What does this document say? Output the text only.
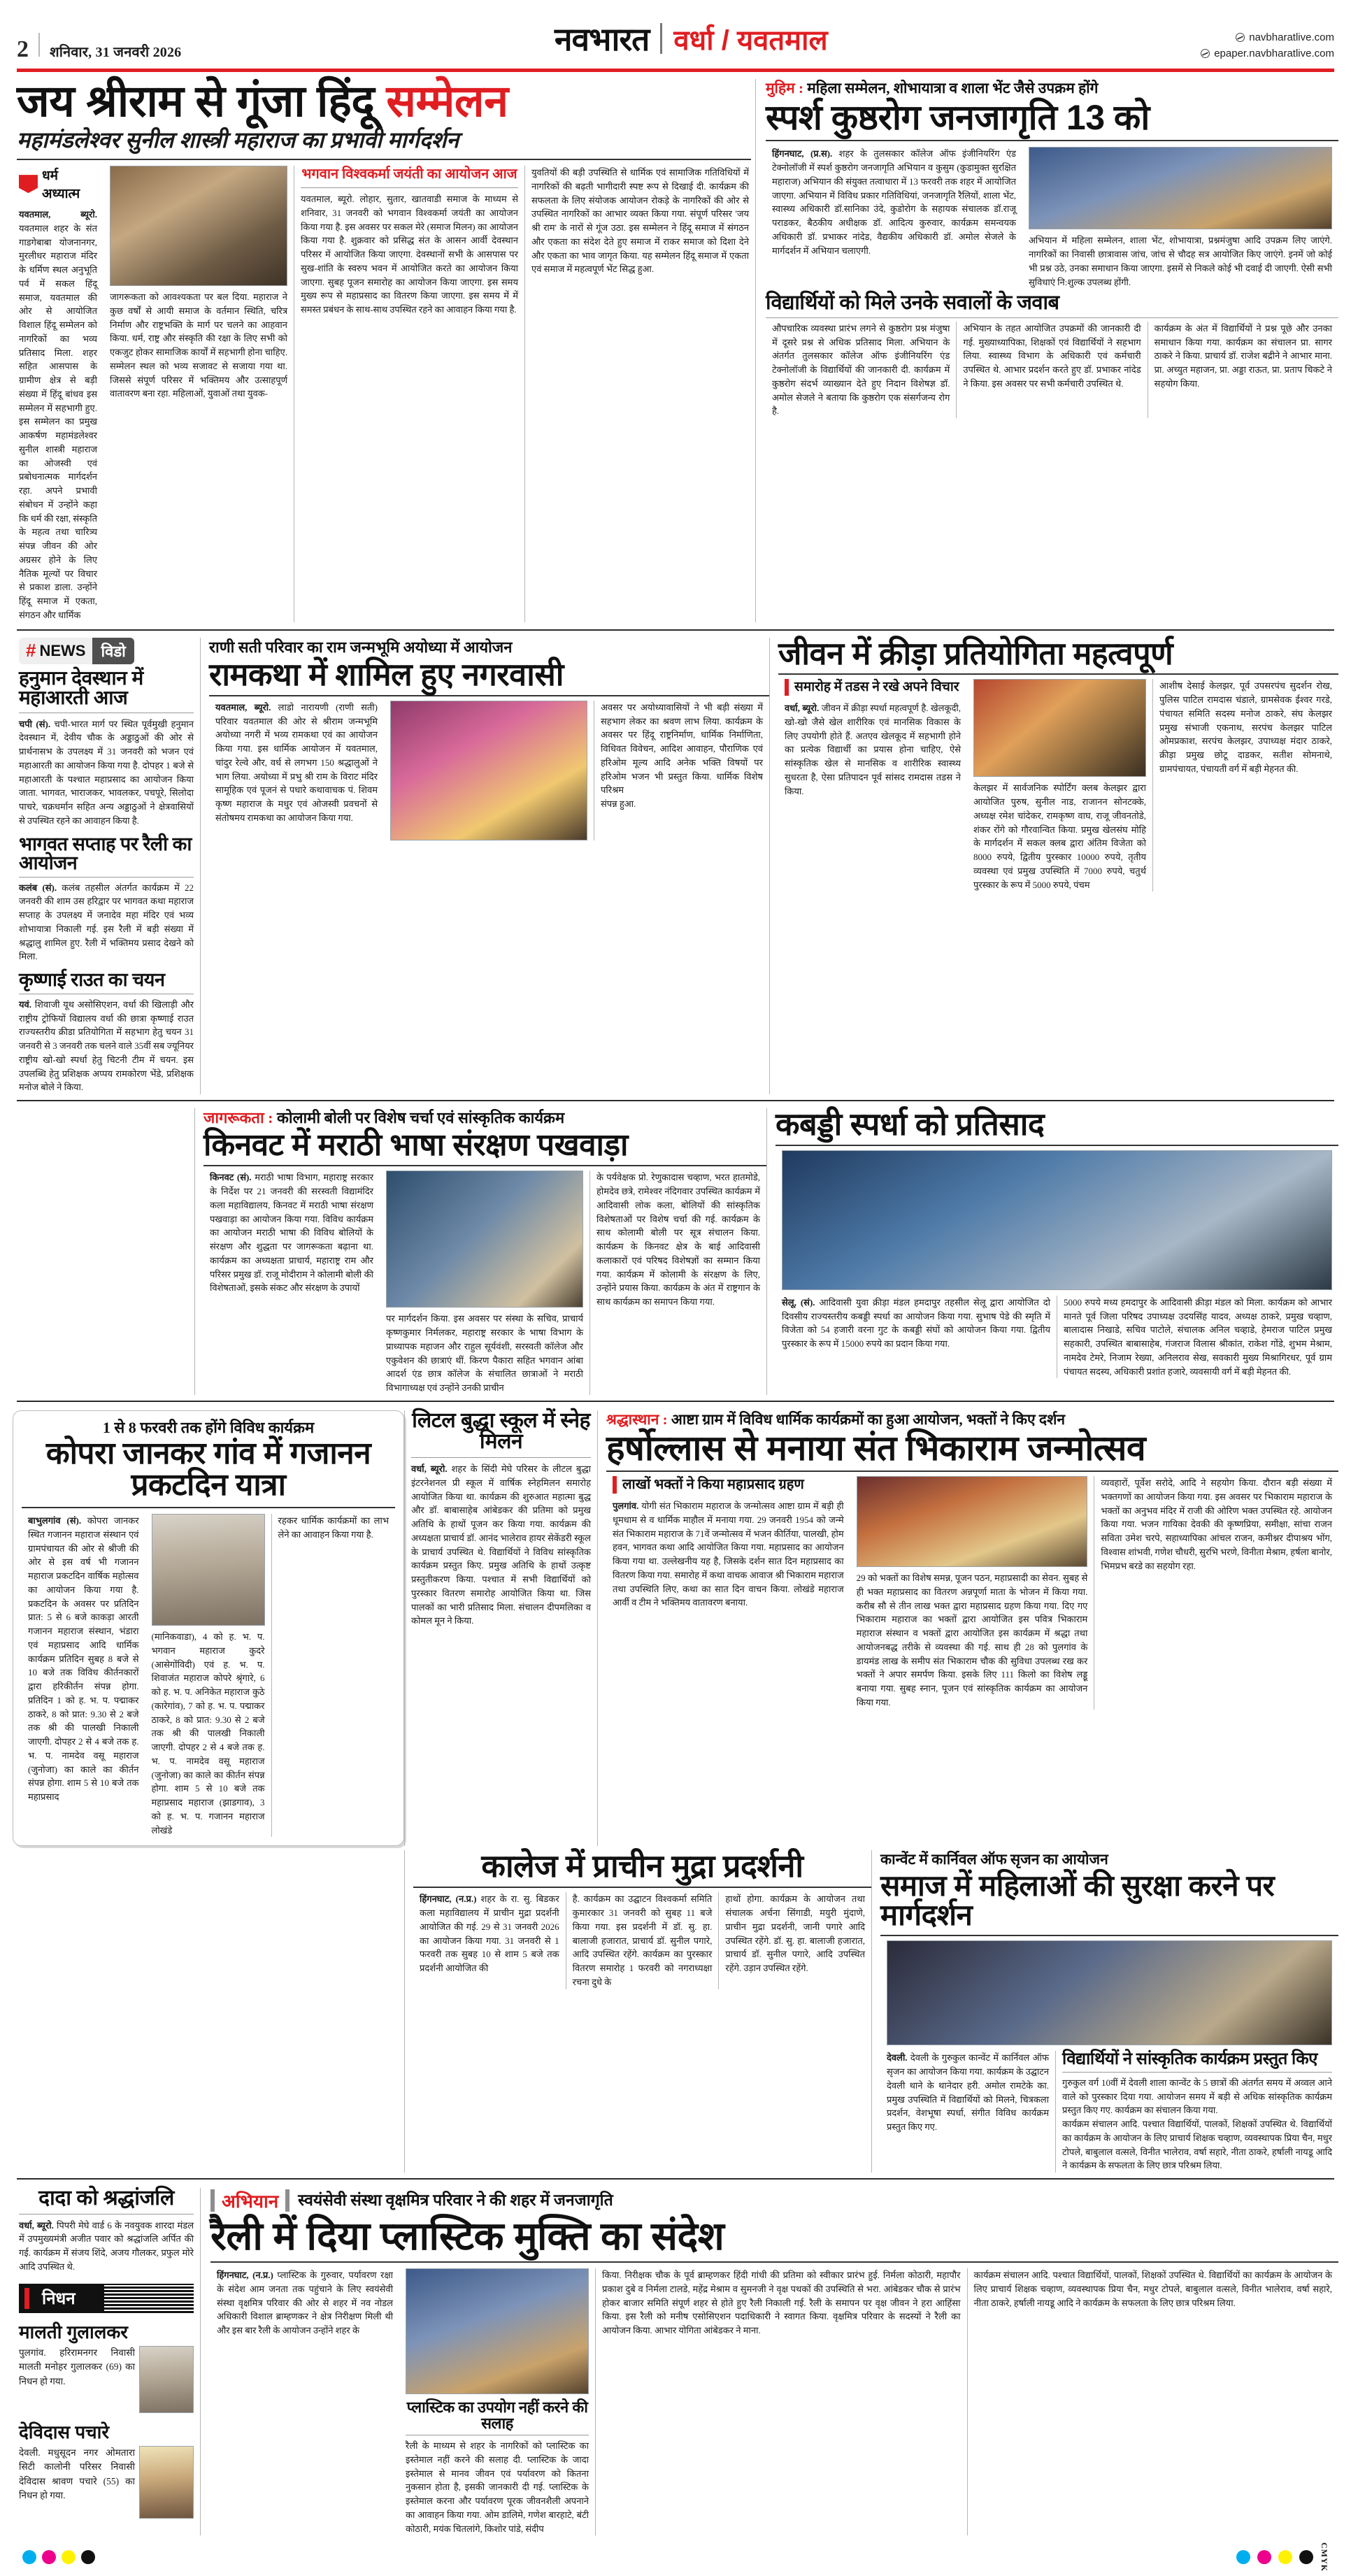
2 शनिवार, 31 जनवरी 2026	नवभारत वर्धा / यवतमाल	navbharatlive.com
epaper.navbharatlive.com
जय श्रीराम से गूंजा हिंदू सम्मेलन
महामंडलेश्वर सुनील शास्त्री महाराज का प्रभावी मार्गदर्शन
धर्म अध्यात्म
यवतमाल, ब्यूरो. यवतमाल शहर के संत गाडगेबाबा योजनानगर, मुरलीधर महाराज मंदिर के धर्मिण स्थल अनुभूति पर्व में सकल हिंदू समाज, यवतमाल की ओर से आयोजित विशाल हिंदू सम्मेलन को नागरिकों का भव्य प्रतिसाद मिला. शहर सहित आसपास के ग्रामीण क्षेत्र से बड़ी संख्या में हिंदू बांधव इस सम्मेलन में सहभागी हुए. इस सम्मेलन का प्रमुख आकर्षण महामंडलेश्वर सुनील शास्त्री महाराज का ओजस्वी एवं प्रबोधनात्मक मार्गदर्शन रहा. अपने प्रभावी संबोधन में उन्होंने कहा कि धर्म की रक्षा, संस्कृति के महत्व तथा चारित्र्य संपन्न जीवन की ओर अग्रसर होने के लिए नैतिक मूल्यों पर विचार से प्रकाश डाला. उन्होंने हिंदू समाज में एकता, संगठन और धार्मिक
जागरूकता को आवश्यकता पर बल दिया. महाराज ने कुछ वर्षों से आयी समाज के वर्तमान स्थिति, चरित्र निर्माण और राष्ट्रभक्ति के मार्ग पर चलने का आहवान किया. धर्म, राष्ट्र और संस्कृति की रक्षा के लिए सभी को एकजुट होकर सामाजिक कार्यों में सहभागी होना चाहिए. सम्मेलन स्थल को भव्य सजावट से सजाया गया था. जिससे संपूर्ण परिसर में भक्तिमय और उत्साहपूर्ण वातावरण बना रहा. महिलाओं, युवाओं तथा युवक-
भगवान विश्वकर्मा जयंती का आयोजन आज
यवतमाल, ब्यूरो. लोहार, सुतार, खातवाडी समाज के माध्यम से शनिवार, 31 जनवरी को भगवान विश्वकर्मा जयंती का आयोजन किया गया है. इस अवसर पर सकल मेरे (समाज मिलन) का आयोजन किया गया है. शुक्रवार को प्रसिद्ध संत के आसन आर्वी देवस्थान परिसर में आयोजित किया जाएगा. देवस्थानों सभी के आसपास पर सुख-शांति के स्वरुप भवन में आयोजित करते का आयोजन किया जाएगा. सुबह पूजन समारोह का आयोजन किया जाएगा. इस समय मुख्य रूप से महाप्रसाद का वितरण किया जाएगा. इस समय में में समस्त प्रबंधन के साथ-साथ उपस्थित रहने का आवाहन किया गया है.
युवतियों की बड़ी उपस्थिति से धार्मिक एवं सामाजिक गतिविधियों में नागरिकों की बढ़ती भागीदारी स्पष्ट रूप से दिखाई दी. कार्यक्रम की सफलता के लिए संयोजक आयोजन रोकड़े के नागरिकों की ओर से उपस्थित नागरिकों का आभार व्यक्त किया गया. संपूर्ण परिसर 'जय श्री राम' के नारों से गूंज उठा. इस सम्मेलन ने हिंदू समाज में संगठन और एकता का संदेश देते हुए समाज में राकर समाज को दिशा देने और एकता का भाव जागृत किया. यह सम्मेलन हिंदू समाज में एकता एवं समाज में महत्वपूर्ण भेंट सिद्ध हुआ.
मुहिम : महिला सम्मेलन, शोभायात्रा व शाला भेंट जैसे उपक्रम होंगे
स्पर्श कुष्ठरोग जनजागृति 13 को
हिंगनघाट, (प्र.स). शहर के तुलसकार कॉलेज ऑफ इंजीनियरिंग एंड टेक्नोलॉजी में स्पर्श कुष्ठरोग जनजागृति अभियान व कुसुम (कुडामुक्त सुरक्षित महाराज) अभियान की संयुक्त तत्वाधारा में 13 फरवरी तक शहर में आयोजित जाएगा. अभियान में विविध प्रकार गतिविधियां, जनजागृति रैलियों, शाला भेंट, स्वास्थ्य अधिकारी डॉ.सानिका उंदे, कुडोरोग के सहायक संचालक डॉ.राजू पराडकर, बैठकीय अधीक्षक डॉ. आदित्य कुरुवार, कार्यक्रम समन्वयक अधिकारी डॉ. प्रभाकर नांदेड, वैद्यकीय अधिकारी डॉ. अमोल सेजले के मार्गदर्शन में अभियान चलाएगी.
अभियान में महिला सम्मेलन, शाला भेंट, शोभायात्रा, प्रश्नमंजुषा आदि उपक्रम लिए जाएंगे. नागरिकों का निवासी छात्रावास जांच, जांच से चौदह सत्र आयोजित किए जाएंगे. इनमें जो कोई भी प्रश्न उठे, उनका समाधान किया जाएगा. इसमें से निकले कोई भी दवाई दी जाएगी. ऐसी सभी सुविधाएं नि:शुल्क उपलब्ध होंगी.
विद्यार्थियों को मिले उनके सवालों के जवाब
औपचारिक व्यवस्था प्रारंभ लगने से कुष्ठरोग प्रश्न मंजुषा में दूसरे प्रश्न से अधिक प्रतिसाद मिला. अभियान के अंतर्गत तुलसकार कॉलेज ऑफ इंजीनियरिंग एंड टेक्नोलॉजी के विद्यार्थियों की जानकारी दी. कार्यक्रम में कुष्ठरोग संदर्भ व्याख्यान देते हुए निदान विशेषज्ञ डॉ. अमोल सेजले ने बताया कि कुष्ठरोग एक संसर्गजन्य रोग है.
अभियान के तहत आयोजित उपक्रमों की जानकारी दी गई. मुख्याध्यापिका, शिक्षकों एवं विद्यार्थियों ने सहभाग लिया. स्वास्थ्य विभाग के अधिकारी एवं कर्मचारी उपस्थित थे. आभार प्रदर्शन करते हुए डॉ. प्रभाकर नांदेड ने किया. इस अवसर पर सभी कर्मचारी उपस्थित थे.
कार्यक्रम के अंत में विद्यार्थियों ने प्रश्न पूछे और उनका समाधान किया गया. कार्यक्रम का संचालन प्रा. सागर ठाकरे ने किया. प्राचार्य डॉ. राजेश बद्रीने ने आभार माना. प्रा. अच्युत महाजन, प्रा. अड्डा राऊत, प्रा. प्रताप चिकटे ने सहयोग किया.
# NEWS	विडो
हनुमान देवस्थान में महाआरती आज
चपी (सं). चपी-भारत मार्ग पर स्थित पूर्वमुखी हनुमान देवस्थान में, देवीय चौक के अड्डाठुओं की ओर से प्रार्थनासभ के उपलक्ष्य में 31 जनवरी को भजन एवं महाआरती का आयोजन किया गया है. दोपहर 1 बजे से महाआरती के पश्चात महाप्रसाद का आयोजन किया जाता. भागवत, भाराजकर, भावलकर, पचपूरे, सिलोदा पाचरे, चक्रधर्मान सहित अन्य अड्डाठुओं ने क्षेत्रवासियों से उपस्थित रहने का आवाहन किया है.
भागवत सप्ताह पर रैली का आयोजन
कलंब (सं). कलंब तहसील अंतर्गत कार्यक्रम में 22 जनवरी की शाम उस हरिद्वार पर भागवत कथा महाराज सप्ताह के उपलक्ष्य में जनादेव महा मंदिर एवं भव्य शोभायात्रा निकाली गई. इस रैली में बड़ी संख्या में श्रद्धालु शामिल हुए. रैली में भक्तिमय प्रसाद देखने को मिला.
कृष्णाई राउत का चयन
यवं. शिवाजी यूथ असोसिएशन, वर्धा की खिलाड़ी और राष्ट्रीय ट्रोफियों विद्यालय वर्धा की छात्रा कृष्णाई राउत राज्यस्तरीय क्रीडा प्रतियोगिता में सहभाग हेतु चयन 31 जनवरी से 3 जनवरी तक चलने वाले 35वीं सब ज्यूनियर राष्ट्रीय खो-खो स्पर्धा हेतु चिटनी टीम में चयन. इस उपलब्धि हेतु प्रशिक्षक अप्पय रामकोरण भेंडे, प्रशिक्षक मनोज बोले ने किया.
राणी सती परिवार का राम जन्मभूमि अयोध्या में आयोजन
रामकथा में शामिल हुए नगरवासी
यवतमाल, ब्यूरो. लाडो नारायणी (राणी सती) परिवार यवतमाल की ओर से श्रीराम जन्मभूमि अयोध्या नगरी में भव्य रामकथा एवं का आयोजन किया गया. इस धार्मिक आयोजन में यवतमाल, चांदुर रेल्वे और, वर्ध से लगभग 150 श्रद्धालुओं ने भाग लिया. अयोध्या में प्रभु श्री राम के विराट मंदिर सामूहिक एवं पूजनं से पधारे कथावाचक पं. शिवम कृष्ण महाराज के मधुर एवं ओजस्वी प्रवचनों से संतोषमय रामकथा का आयोजन किया गया.
अवसर पर अयोध्यावासियों ने भी बड़ी संख्या में सहभाग लेकर का श्रवण लाभ लिया. कार्यक्रम के अवसर पर हिंदू राष्ट्रनिर्माण, धार्मिक निर्माणिता, विधिवत विवेचन, आदिश आवाहन, पौराणिक एवं हरिओम मूल्य आदि अनेक भक्ति विषयों पर हरिओम भजन भी प्रस्तुत किया. धार्मिक विशेष परिश्रम
संपन्न हुआ.
जीवन में क्रीड़ा प्रतियोगिता महत्वपूर्ण
समारोह में तडस ने रखे अपने विचार
वर्धा, ब्यूरो. जीवन में क्रीड़ा स्पर्धा महत्वपूर्ण है. खेलकूदी, खो-खो जैसे खेल शारीरिक एवं मानसिक विकास के लिए उपयोगी होते हैं. अतएव खेलकूद में सहभागी होने का प्रत्येक विद्यार्थी का प्रयास होना चाहिए, ऐसे सांस्कृतिक खेल से मानसिक व शारीरिक स्वास्थ्य सुधरता है, ऐसा प्रतिपादन पूर्व सांसद रामदास तडस ने किया.	केलझर में सार्वजनिक स्पोर्टिंग क्लब केलझर द्वारा आयोजित पुरुष, सुनील नाड, राजानन सोनटक्के, अध्यक्ष रमेश चांदेकर, रामकृष्ण वाघ, राजू जीवनतोडे, शंकर रोंगे को गौरवान्वित किया. प्रमुख खेलसंघ मोहि के मार्गदर्शन में सकल क्लब द्वारा अंतिम विजेता को 8000 रुपये, द्वितीय पुरस्कार 10000 रुपये, तृतीय व्यवस्था एवं प्रमुख उपस्थिति में 7000 रुपये, चतुर्थ पुरस्कार के रूप में 5000 रुपये, पंचम
आशीष देसाई केलझर, पूर्व उपसरपंच सुदर्शन रोख, पुलिस पाटिल रामदास चंडाले, ग्रामसेवक ईश्वर गरडे, पंचायत समिति सदस्य मनोज ठाकरे, संघ केलझर प्रमुख संभाजी एकनाथ, सरपंच केलझर पाटिल ओमप्रकाश, सरपंच केलझर, उपाध्यक्ष मंदार ठाकरे, क्रीड़ा प्रमुख छोटू दाडकर, सतीश सोमनाथे, ग्रामपंचायत, पंचायती वर्ग में बड़ी मेहनत की.
जागरूकता : कोलामी बोली पर विशेष चर्चा एवं सांस्कृतिक कार्यक्रम
किनवट में मराठी भाषा संरक्षण पखवाड़ा
किनवट (सं). मराठी भाषा विभाग, महाराष्ट्र सरकार के निर्देश पर 21 जनवरी की सरस्वती विद्यामंदिर कला महाविद्यालय, किनवट में मराठी भाषा संरक्षण पखवाड़ा का आयोजन किया गया. विविध कार्यक्रम का आयोजन मराठी भाषा की विविध बोलियों के संरक्षण और शुद्धता पर जागरूकता बढ़ाना था. कार्यक्रम का अध्यक्षता प्राचार्य, महाराष्ट्र राम और परिसर प्रमुख डॉ. राजू मोदीराम ने कोलामी बोली की विशेषताओं, इसके संकट और संरक्षण के उपायों
पर मार्गदर्शन किया. इस अवसर पर संस्था के सचिव, प्राचार्य कृष्णकुमार निर्मलकर, महाराष्ट्र सरकार के भाषा विभाग के प्राध्यापक महाजन और राहुल सूर्यवंशी, सरस्वती कॉलेज और एकुवेशन की छात्राएं थीं. किरण पैकारा सहित भगवान आंबा आदर्श एंड छात्र कॉलेज के संचालित छात्राओं ने मराठी विभागाध्यक्ष एवं उन्होंने उनकी प्राचीन
के पर्यवेक्षक प्रो. रेणुकादास चव्हाण, भरत हातमोडे, होमदेव छत्रे, रामेश्वर नंदिगवार उपस्थित कार्यक्रम में आदिवासी लोक कला, बोलियों की सांस्कृतिक विशेषताओं पर विशेष चर्चा की गई. कार्यक्रम के साथ कोलामी बोली पर सूत्र संचालन किया. कार्यक्रम के किनवट क्षेत्र के बाई आदिवासी कलाकारों एवं परिषद विशेषज्ञों का सम्मान किया गया. कार्यक्रम में कोलामी के संरक्षण के लिए, उन्होंने प्रयास किया. कार्यक्रम के अंत में राष्ट्रगान के साथ कार्यक्रम का समापन किया गया.
कबड्डी स्पर्धा को प्रतिसाद
सेलू, (सं). आदिवासी युवा क्रीड़ा मंडल हमदापुर तहसील सेलू द्वारा आयोजित दो दिवसीय राज्यस्तरीय कबड्डी स्पर्धा का आयोजन किया गया. सुभाष पेडे की स्मृति में विजेता को 54 हजारी वरना गुट के कबड्डी संघों को आयोजन किया गया. द्वितीय पुरस्कार के रूप में 15000 रुपये का प्रदान किया गया.
5000 रुपये मध्य हमदापुर के आदिवासी क्रीड़ा मंडल को मिला. कार्यक्रम को आभार मानते पूर्व जिला परिषद उपाध्यक्ष उदयसिंह यादव, अध्यक्ष ठाकरे, प्रमुख चव्हाण, बालादास निखाडे, सचिव पाटोले, संचालक अनिल चव्हाडे, हेमराज पाटिल प्रमुख सहकारी, उपस्थित बाबासाहेब, गंजराज विलास श्रीकांत, राकेश गोंडे, शुभम मेश्राम, नामदेव टेमरे, निजाम रेख्या, अनिलराव सेख, सवकारी मुख्य मिश्रागिरधर, पूर्व ग्राम पंचायत सदस्य, अधिकारी प्रशांत हजारे, व्यवसायी वर्ग में बड़ी मेहनत की.
1 से 8 फरवरी तक होंगे विविध कार्यक्रम
कोपरा जानकर गांव में गजानन प्रकटदिन यात्रा
बाभुलगांव (सं). कोपरा जानकर स्थित गजानन महाराज संस्थान एवं ग्रामपंचायत की ओर से श्रीजी की ओर से इस वर्ष भी गजानन महाराज प्रकटदिन वार्षिक महोत्सव का आयोजन किया गया है. प्रकटदिन के अवसर पर प्रतिदिन प्रात: 5 से 6 बजे काकड़ा आरती गजानन महाराज संस्थान, भंडारा एवं महाप्रसाद आदि धार्मिक कार्यक्रम प्रतिदिन सुबह 8 बजे से 10 बजे तक विविध कीर्तनकारों द्वारा हरिकीर्तन संपन्न होगा. प्रतिदिन 1 को ह. भ. प. पद्माकर ठाकरे, 8 को प्रात: 9.30 से 2 बजे तक श्री की पालखी निकाली जाएगी. दोपहर 2 से 4 बजे तक ह. भ. प. नामदेव वसू महाराज (जुनोजा) का काले का कीर्तन संपन्न होगा. शाम 5 से 10 बजे तक महाप्रसाद
(मानिकवाडा), 4 को ह. भ. प. भगवान महाराज कुदरे (आसेगोंविदी) एवं ह. भ. प. शिवाजंत महाराज कोपरे श्रृंगारे, 6 को ह. भ. प. अनिकेत महाराज कुठे (कारेगांव), 7 को ह. भ. प. पद्माकर ठाकरे, 8 को प्रात: 9.30 से 2 बजे तक श्री की पालखी निकाली जाएगी. दोपहर 2 से 4 बजे तक ह. भ. प. नामदेव वसू महाराज (जुनोजा) का काले का कीर्तन संपन्न होगा. शाम 5 से 10 बजे तक महाप्रसाद महाराज (झाडगाव), 3 को ह. भ. प. गजानन महाराज लोखंडे
रहकर धार्मिक कार्यक्रमों का लाभ लेने का आवाहन किया गया है.
लिटल बुद्धा स्कूल में स्नेह मिलन
वर्धा, ब्यूरो. शहर के सिंदी मेघे परिसर के लीटल बुद्धा इंटरनेशनल प्री स्कूल में वार्षिक स्नेहमिलन समारोह आयोजित किया था. कार्यक्रम की शुरुआत महात्मा बुद्ध और डॉ. बाबासाहेब आंबेडकर की प्रतिमा को प्रमुख अतिथि के हाथों पूजन कर किया गया. कार्यक्रम की अध्यक्षता प्राचार्य डॉ. आनंद भालेराव हायर सेकेंडरी स्कूल के प्राचार्य उपस्थित थे. विद्यार्थियों ने विविध सांस्कृतिक कार्यक्रम प्रस्तुत किए. प्रमुख अतिथि के हाथों उत्कृष्ट प्रस्तुतीकरण किया. पश्चात में सभी विद्यार्थियों को पुरस्कार वितरण समारोह आयोजित किया था. जिस पालकों का भारी प्रतिसाद मिला. संचालन दीपमलिका व कोमल मून ने किया.
श्रद्धास्थान : आष्टा ग्राम में विविध धार्मिक कार्यक्रमों का हुआ आयोजन, भक्तों ने किए दर्शन
हर्षोल्लास से मनाया संत भिकाराम जन्मोत्सव
लाखों भक्तों ने किया महाप्रसाद ग्रहण
पुलगांव. योगी संत भिकाराम महाराज के जन्मोत्सव आष्टा ग्राम में बड़ी ही धूमधाम से व धार्मिक माहौल में मनाया गया. 29 जनवरी 1954 को जन्मे संत भिकाराम महाराज के 71वें जन्मोत्सव में भजन कीर्तिया, पालखी, होम हवन, भागवत कथा आदि आयोजित किया गया. महाप्रसाद का आयोजन किया गया था. उल्लेखनीय यह है, जिसके दर्शन सात दिन महाप्रसाद का वितरण किया गया. समारोह में कथा वाचक आवाज श्री भिकाराम महाराज तथा उपस्थिति लिए, कथा का सात दिन वाचन किया. लोखंडे महाराज आर्वी व टीम ने भक्तिमय वातावरण बनाया.
29 को भक्तों का विशेष समन्न, पूजन पठन, महाप्रसादी का सेवन. सुबह से ही भक्त महाप्रसाद का वितरण अन्नपूर्णा माता के भोजन में किया गया. करीब सौ से तीन लाख भक्त द्वारा महाप्रसाद ग्रहण किया गया. दिए गए भिकाराम महाराज का भक्तों द्वारा आयोजित इस पवित्र भिकाराम महाराज संस्थान व भक्तों द्वारा आयोजित इस कार्यक्रम में श्रद्धा तथा आयोजनबद्ध तरीके से व्यवस्था की गई. साथ ही 28 को पुलगांव के डायमंड लाख के समीप संत भिकाराम चौक की सुविधा उपलब्ध रख कर भक्तों ने अपार समर्पण किया. इसके लिए 111 किलो का विशेष लड्डू बनाया गया. सुबह स्नान, पूजन एवं सांस्कृतिक कार्यक्रम का आयोजन किया गया.
व्यवहारों, पूर्वेश सरोदे, आदि ने सहयोग किया. दौरान बड़ी संख्या में भक्तगणों का आयोजन किया गया. इस अवसर पर भिकाराम महाराज के भक्तों का अनुभव मंदिर में राजी की ओरिण भक्त उपस्थित रहे. आयोजन किया गया. भजन गायिका देवकी की कृष्णप्रिया, समीक्षा, सांचा राजन सविता उमेश चरपे, सहाध्यापिका आंचल राजन, कमीश्नर दीपाश्रय भोंग, विश्वास शांभवी, गणेश चौधरी, सुरभि भरणे, विनीता मेश्राम, हर्षला बानोर, भिमप्रभ बरडे का सहयोग रहा.
कालेज में प्राचीन मुद्रा प्रदर्शनी
हिंगनघाट, (न.प्र.) शहर के रा. सु. बिडकर कला महाविद्यालय में प्राचीन मुद्रा प्रदर्शनी आयोजित की गई. 29 से 31 जनवरी 2026 का आयोजन किया गया. 31 जनवरी से 1 फरवरी तक सुबह 10 से शाम 5 बजे तक प्रदर्शनी आयोजित की
है. कार्यक्रम का उद्घाटन विश्वकर्मा समिति कुमारकार 31 जनवरी को सुबह 11 बजे किया गया. इस प्रदर्शनी में डॉ. सु. हा. बालाजी हजारात, प्राचार्य डॉ. सुनील पगारे, आदि उपस्थित रहेंगे. कार्यक्रम का पुरस्कार वितरण समारोह 1 फरवरी को नगराध्यक्षा रचना दुधे के
हाथों होगा. कार्यक्रम के आयोजन तथा संचालक अर्चना सिंगाडी, मयुरी मुंदाणे, प्राचीन मुद्रा प्रदर्शनी, जानी पगारे आदि उपस्थित रहेंगे. डॉ. सु. हा. बालाजी हजारात, प्राचार्य डॉ. सुनील पगारे, आदि उपस्थित रहेंगे. उड़ान उपस्थित रहेंगे.
कान्वेंट में कार्निवल ऑफ सृजन का आयोजन
समाज में महिलाओं की सुरक्षा करने पर मार्गदर्शन
देवली. देवली के गुरुकुल कान्वेंट में कार्निवल ऑफ सृजन का आयोजन किया गया. कार्यक्रम के उद्घाटन देवली थाने के थानेदार हरी. अमोल रामटेके का. प्रमुख उपस्थिति में विद्यार्थियों को मिलने, चित्रकला प्रदर्शन, वेशभूषा स्पर्धा, संगीत विविध कार्यक्रम प्रस्तुत किए गए.
विद्यार्थियों ने सांस्कृतिक कार्यक्रम प्रस्तुत किए
गुरुकुल वर्ग 10वीं में देवली शाला कान्वेंट के 5 छात्रों की अंतर्गत समय में अव्वल आने वाले को पुरस्कार दिया गया. आयोजन समय में बड़ी से अधिक सांस्कृतिक कार्यक्रम प्रस्तुत किए गए. कार्यक्रम का संचालन किया गया.
कार्यक्रम संचालन आदि. पश्चात विद्यार्थियों, पालकों, शिक्षकों उपस्थित थे. विद्यार्थियों का कार्यक्रम के आयोजन के लिए प्राचार्य शिक्षक चव्हाण, व्यवस्थापक प्रिया चैन, मधुर टोपले, बाबुलाल वत्सले, विनीत भालेराव, वर्षा सहारे, नीता ठाकरे, हर्षाली नायडू आदि ने कार्यक्रम के सफलता के लिए छात्र परिश्रम लिया.
दादा को श्रद्धांजलि
वर्धा, ब्यूरो. पिपरी मेघे वार्ड 6 के नवयुवक शारदा मंडल में उपमुख्यमंत्री अजीत पवार को श्रद्धांजलि अर्पित की गई. कार्यक्रम में संजय शिंदे, अजय गौलकर, प्रफुल मोरे आदि उपस्थित थे.
निधन
मालती गुलालकर
पुलगांव. हरिरामनगर निवासी मालती मनोहर गुलालकर (69) का निधन हो गया.
देविदास पचारे
देवली. मधुसूदन नगर ओमतारा सिटी कालोनी परिसर निवासी देविदास श्रावण पचारे (55) का निधन हो गया.
अभियान स्वयंसेवी संस्था वृक्षमित्र परिवार ने की शहर में जनजागृति
रैली में दिया प्लास्टिक मुक्ति का संदेश
हिंगनघाट, (न.प्र.) प्लास्टिक के गुरुवार, पर्यावरण रक्षा के संदेश आम जनता तक पहुंचाने के लिए स्वयंसेवी संस्था वृक्षमित्र परिवार की ओर से शहर में नव नोडल अधिकारी विशाल ब्राम्हणकर ने क्षेत्र निरीक्षण मिली थी और इस बार रैली के आयोजन उन्होंने शहर के
प्लास्टिक का उपयोग नहीं करने की सलाह
रैली के माध्यम से शहर के नागरिकों को प्लास्टिक का इस्तेमाल नहीं करने की सलाह दी. प्लास्टिक के जादा इस्तेमाल से मानव जीवन एवं पर्यावरण को कितना नुकसान होता है, इसकी जानकारी दी गई. प्लास्टिक के इस्तेमाल करना और पर्यावरण पूरक जीवनशैली अपनाने का आवाहन किया गया. ओम डालिमे, गणेश बारहाटे, बंटी कोठारी, मयंक चितलांगे, किशोर पांडे, संदीप
किया. निरीक्षक चौक के पूर्व ब्राम्हणकर हिंदी गांधी की प्रतिमा को स्वीकार प्रारंभ हुई. निर्मला कोठारी, महापौर प्रकाश दुबे व निर्मला टालडे, महेंद्र मेश्राम व सुमनजी ने वृक्ष पथकों की उपस्थिति से भरा. आंबेडकर चौक से प्रारंभ होकर बाजार समिति संपूर्ण शहर से होते हुए रैली निकाली गई. रैली के समापन पर वृक्ष जीवन ने हरा आहिंसा किया. इस रैली को मनीष एसोसिएशन पदाधिकारी ने स्वागत किया. वृक्षमित्र परिवार के सदस्यों ने रैली का आयोजन किया. आभार योगिता आंबेडकर ने माना.
कार्यक्रम संचालन आदि. पश्चात विद्यार्थियों, पालकों, शिक्षकों उपस्थित थे. विद्यार्थियों का कार्यक्रम के आयोजन के लिए प्राचार्य शिक्षक चव्हाण, व्यवस्थापक प्रिया चैन, मधुर टोपले, बाबुलाल वत्सले, विनीत भालेराव, वर्षा सहारे, नीता ठाकरे, हर्षाली नायडू आदि ने कार्यक्रम के सफलता के लिए छात्र परिश्रम लिया.
CMYK
